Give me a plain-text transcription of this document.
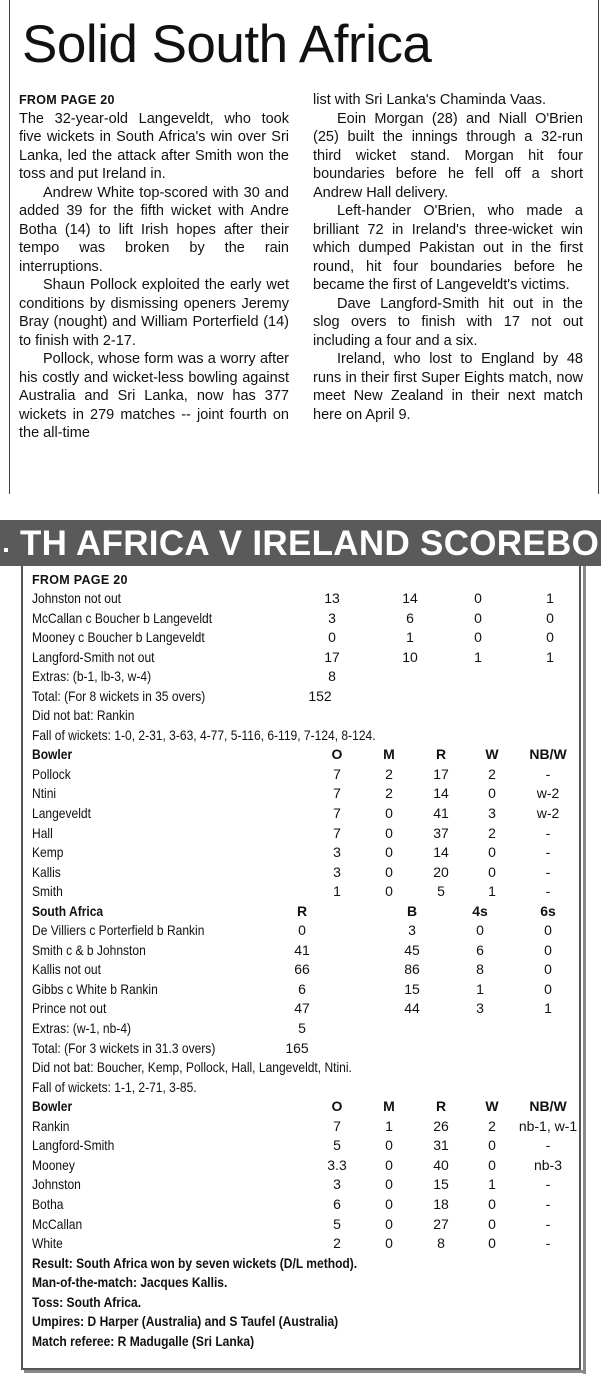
Solid South Africa

FROM PAGE 20
The 32-year-old Langeveldt, who took five wickets in South Africa's win over Sri Lanka, led the attack after Smith won the toss and put Ireland in.

Andrew White top-scored with 30 and added 39 for the fifth wicket with Andre Botha (14) to lift Irish hopes after their tempo was broken by the rain interruptions.

Shaun Pollock exploited the early wet conditions by dismissing openers Jeremy Bray (nought) and William Porterfield (14) to finish with 2-17.

Pollock, whose form was a worry after his costly and wicket-less bowling against Australia and Sri Lanka, now has 377 wickets in 279 matches -- joint fourth on the all-time

list with Sri Lanka's Chaminda Vaas.

Eoin Morgan (28) and Niall O'Brien (25) built the innings through a 32-run third wicket stand. Morgan hit four boundaries before he fell off a short Andrew Hall delivery.

Left-hander O'Brien, who made a brilliant 72 in Ireland's three-wicket win which dumped Pakistan out in the first round, hit four boundaries before he became the first of Langeveldt's victims.

Dave Langford-Smith hit out in the slog overs to finish with 17 not out including a four and a six.

Ireland, who lost to England by 48 runs in their first Super Eights match, now meet New Zealand in their next match here on April 9.

TH AFRICA V IRELAND SCOREBO
FROM PAGE 20
Johnston not out	13	14	0	1
McCallan c Boucher b Langeveldt	3	6	0	0
Mooney c Boucher b Langeveldt	0	1	0	0
Langford-Smith not out	17	10	1	1
Extras: (b-1, lb-3, w-4)	8
Total: (For 8 wickets in 35 overs)	152
Did not bat: Rankin
Fall of wickets: 1-0, 2-31, 3-63, 4-77, 5-116, 6-119, 7-124, 8-124.
Bowler	O	M	R	W	NB/W
Pollock	7	2	17	2	-
Ntini	7	2	14	0	w-2
Langeveldt	7	0	41	3	w-2
Hall	7	0	37	2	-
Kemp	3	0	14	0	-
Kallis	3	0	20	0	-
Smith	1	0	5	1	-
South Africa	R	B	4s	6s
De Villiers c Porterfield b Rankin	0	3	0	0
Smith c & b Johnston	41	45	6	0
Kallis not out	66	86	8	0
Gibbs c White b Rankin	6	15	1	0
Prince not out	47	44	3	1
Extras: (w-1, nb-4)	5
Total: (For 3 wickets in 31.3 overs)	165
Did not bat: Boucher, Kemp, Pollock, Hall, Langeveldt, Ntini.
Fall of wickets: 1-1, 2-71, 3-85.
Bowler	O	M	R	W	NB/W
Rankin	7	1	26	2	nb-1, w-1
Langford-Smith	5	0	31	0	-
Mooney	3.3	0	40	0	nb-3
Johnston	3	0	15	1	-
Botha	6	0	18	0	-
McCallan	5	0	27	0	-
White	2	0	8	0	-
Result: South Africa won by seven wickets (D/L method).
Man-of-the-match: Jacques Kallis.
Toss: South Africa.
Umpires: D Harper (Australia) and S Taufel (Australia)
Match referee: R Madugalle (Sri Lanka)
